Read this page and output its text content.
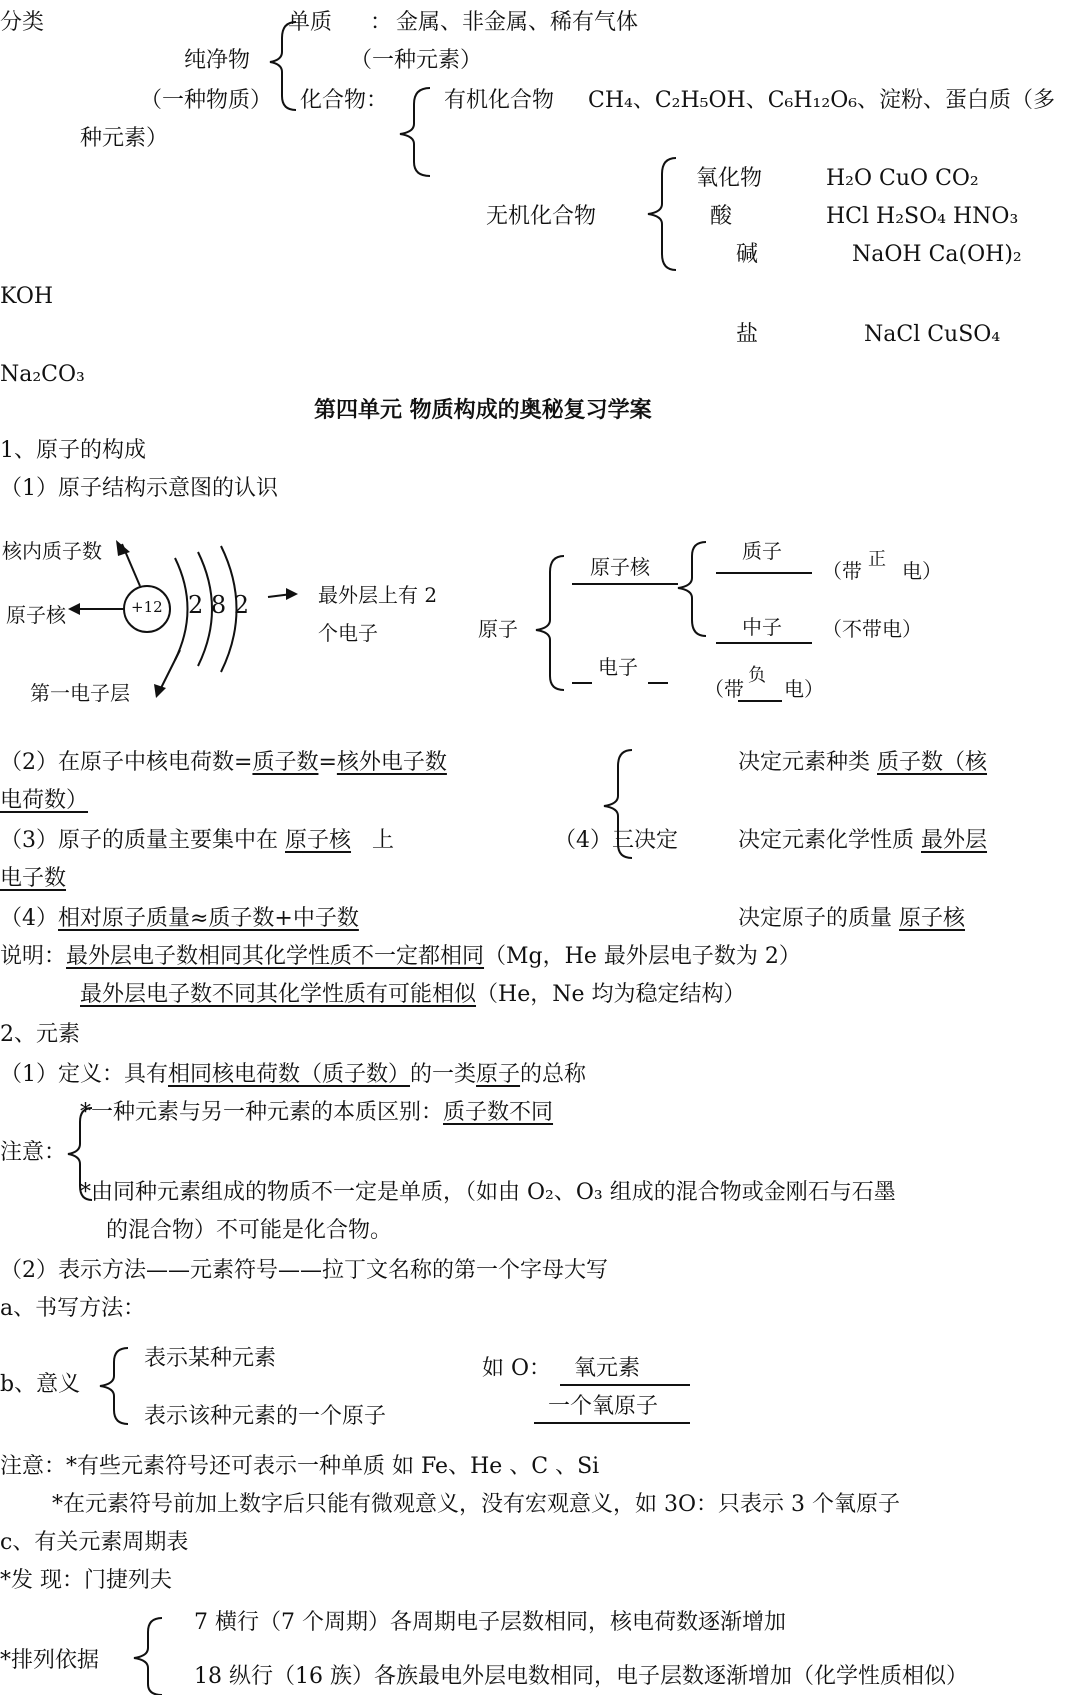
分类	单质 ： 金属、非金属、稀有气体
纯净物	（一种元素）
（一种物质） 化合物：	有机化合物 CH₄、C₂H₅OH、C₆H₁₂O₆、淀粉、蛋白质（多
种元素）
无机化合物
氧化物	H₂O CuO CO₂
酸	HCl H₂SO₄ HNO₃
碱	NaOH Ca(OH)₂
KOH
盐	NaCl CuSO₄
Na₂CO₃
第四单元 物质构成的奥秘复习学案
1、原子的构成
（1）原子结构示意图的认识
核内质子数
原子核
第一电子层
+12 2 8 2	最外层上有 2
个电子	原子
原子核
质子
（带 正 电）
中子 （不带电）
电子
（带
负
电）
（2）在原子中核电荷数=质子数=核外电子数
电荷数）
（3）原子的质量主要集中在 原子核 上	（4）三决定
决定元素种类 质子数（核
决定元素化学性质 最外层
电子数
（4）相对原子质量≈质子数+中子数	决定原子的质量 原子核
说明：最外层电子数相同其化学性质不一定都相同（Mg，He 最外层电子数为 2）
最外层电子数不同其化学性质有可能相似（He，Ne 均为稳定结构）
2、元素
（1）定义：具有相同核电荷数（质子数）的一类原子的总称
*一种元素与另一种元素的本质区别：质子数不同
注意：
*由同种元素组成的物质不一定是单质，（如由 O₂、O₃ 组成的混合物或金刚石与石墨
的混合物）不可能是化合物。
（2）表示方法——元素符号——拉丁文名称的第一个字母大写
a、书写方法：
b、意义
表示某种元素
表示该种元素的一个原子
如 O： 氧元素
一个氧原子
注意：*有些元素符号还可表示一种单质 如 Fe、He 、C 、Si
*在元素符号前加上数字后只能有微观意义，没有宏观意义，如 3O：只表示 3 个氧原子
c、有关元素周期表
*发 现：门捷列夫
*排列依据
7 横行（7 个周期）各周期电子层数相同，核电荷数逐渐增加
18 纵行（16 族）各族最电外层电数相同，电子层数逐渐增加（化学性质相似）
